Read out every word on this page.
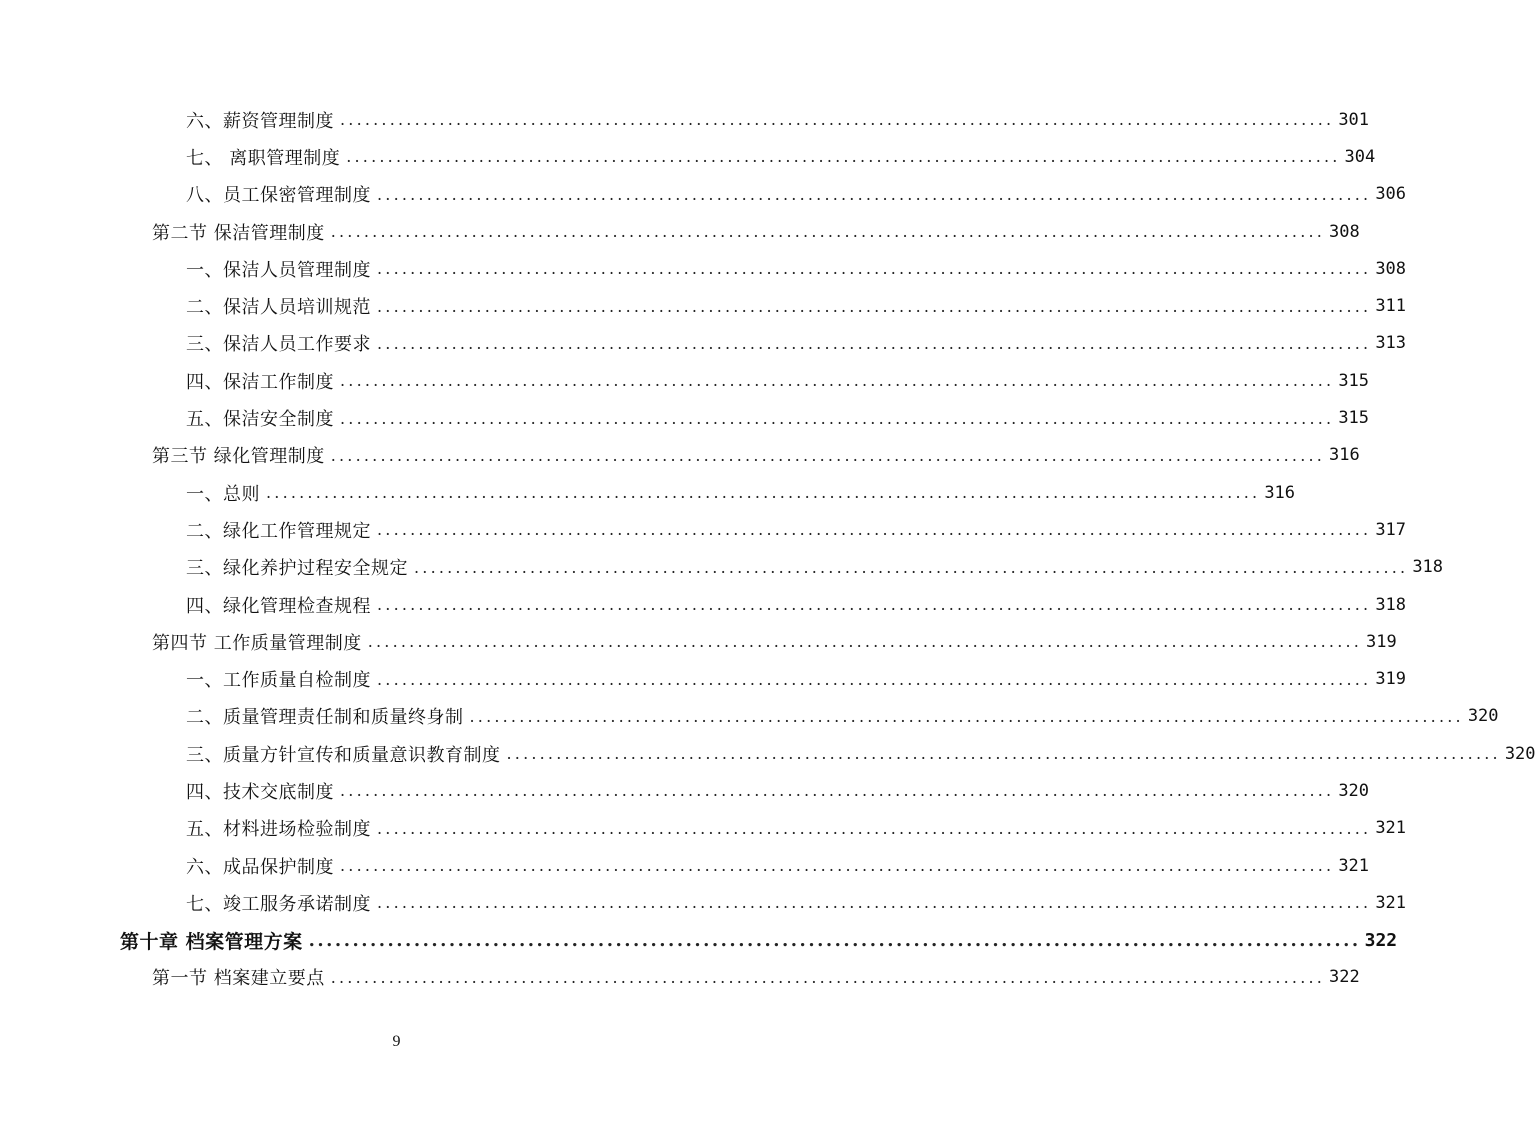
六、薪资管理制度 ........................................................................................................................ 301
七、 离职管理制度 ........................................................................................................................ 304
八、员工保密管理制度 ........................................................................................................................ 306
第二节 保洁管理制度 ........................................................................................................................ 308
一、保洁人员管理制度 ........................................................................................................................ 308
二、保洁人员培训规范 ........................................................................................................................ 311
三、保洁人员工作要求 ........................................................................................................................ 313
四、保洁工作制度 ........................................................................................................................ 315
五、保洁安全制度 ........................................................................................................................ 315
第三节 绿化管理制度 ........................................................................................................................ 316
一、总则 ........................................................................................................................ 316
二、绿化工作管理规定 ........................................................................................................................ 317
三、绿化养护过程安全规定 ........................................................................................................................ 318
四、绿化管理检查规程 ........................................................................................................................ 318
第四节 工作质量管理制度 ........................................................................................................................ 319
一、工作质量自检制度 ........................................................................................................................ 319
二、质量管理责任制和质量终身制 ........................................................................................................................ 320
三、质量方针宣传和质量意识教育制度 ........................................................................................................................ 320
四、技术交底制度 ........................................................................................................................ 320
五、材料进场检验制度 ........................................................................................................................ 321
六、成品保护制度 ........................................................................................................................ 321
七、竣工服务承诺制度 ........................................................................................................................ 321
第十章 档案管理方案 ........................................................................................................................ 322
第一节 档案建立要点 ........................................................................................................................ 322
9
